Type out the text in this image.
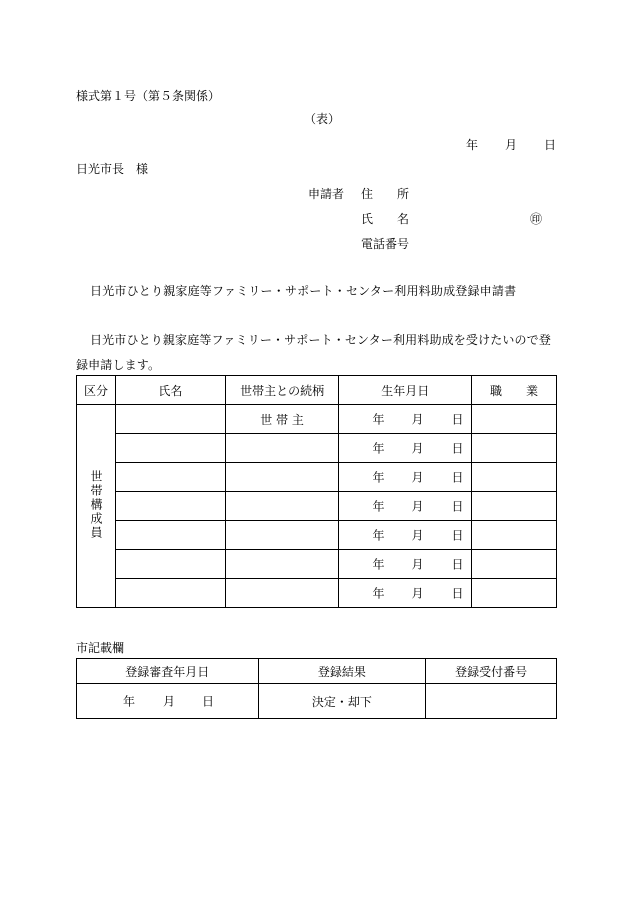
様式第１号（第５条関係）
（表）
年 月 日
日光市長　様
申請者 住　　所
氏　　名	㊞
電話番号
日光市ひとり親家庭等ファミリー・サポート・センター利用料助成登録申請書
日光市ひとり親家庭等ファミリー・サポート・センター利用料助成を受けたいので登録申請します。
区分	氏名	世帯主との続柄	生年月日	職　　業
世帯構成員		世 帯 主	年 月 日	

			年 月 日	

			年 月 日	

			年 月 日	

			年 月 日	

			年 月 日	

			年 月 日	

市記載欄
登録審査年月日	登録結果	登録受付番号

年 月 日	決定・却下	
